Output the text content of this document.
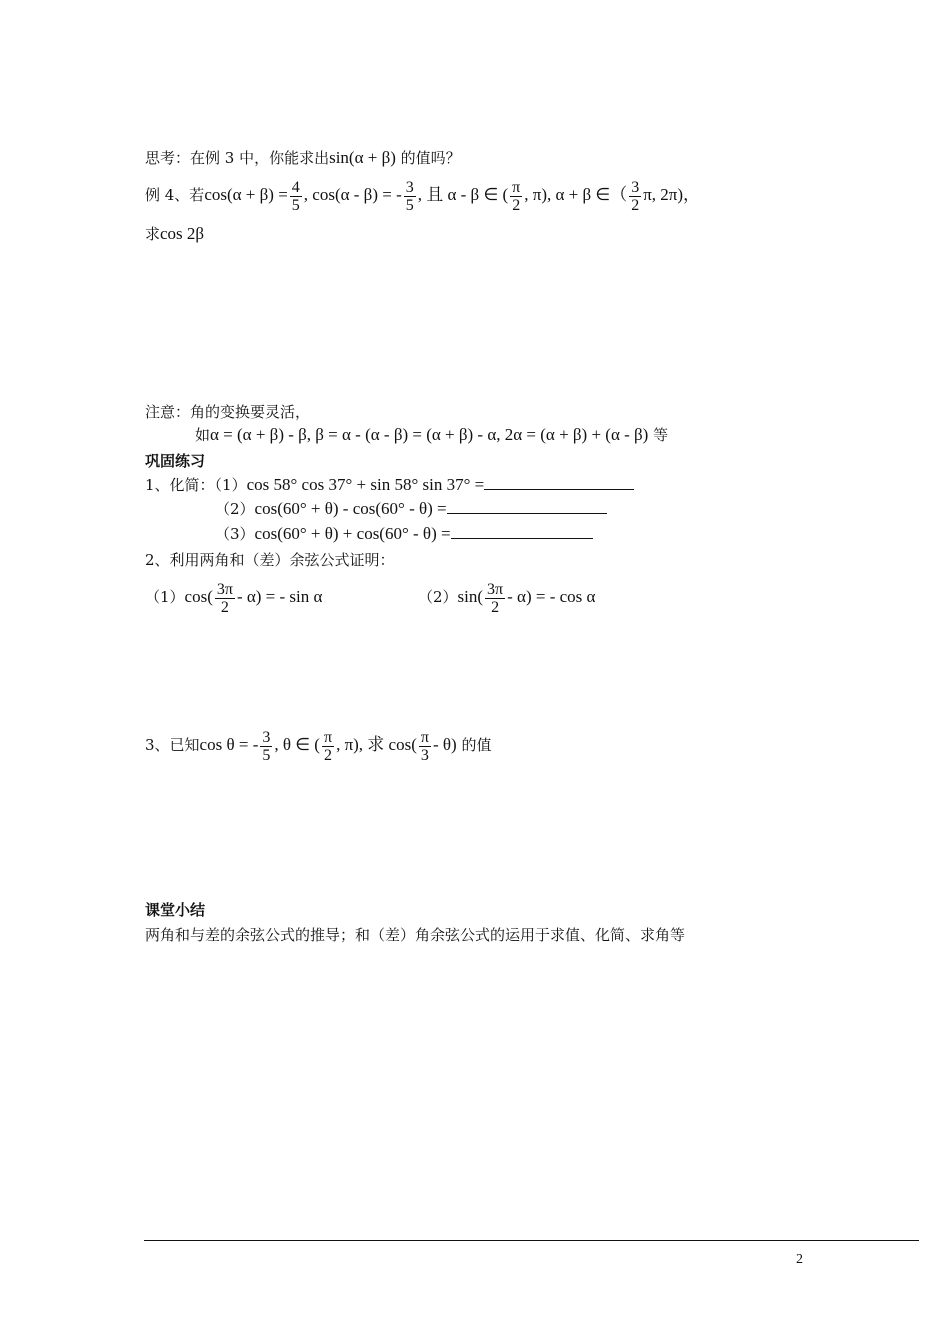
思考：在例 3 中，你能求出sin(α + β) 的值吗？
例 4、若$\cos(\alpha + \beta) = \frac{4}{5}$ , cos(α - β) = - $\frac{3}{5}$ , 且 α - β ∈ ( $\frac{\pi}{2}$ , π), α + β ∈（ $\frac{3}{2} \pi$, 2π)，
求cos 2β
注意：角的变换要灵活，
如α = (α + β) - β, β = α - (α - β) = (α + β) - α, 2α = (α + β) + (α - β) 等
巩固练习
1、化简：（1）cos 58° cos 37° + sin 58° sin 37° =
（2）cos(60° + θ) - cos(60° - θ) =
（3）cos(60° + θ) + cos(60° - θ) =
2、利用两角和（差）余弦公式证明：
$(1)\cos( \frac{3\pi}{2} - \alpha)$ = - sin α	$(2)\sin( \frac{3\pi}{2} - \alpha)$ = - cos α
3、已知cos θ = - $\frac{3}{5}$ , θ ∈ ( $\frac{\pi}{2}$ , π), 求 $\cos( \frac{\pi}{3} - \theta)$ 的值
课堂小结
两角和与差的余弦公式的推导；和（差）角余弦公式的运用于求值、化简、求角等
2
